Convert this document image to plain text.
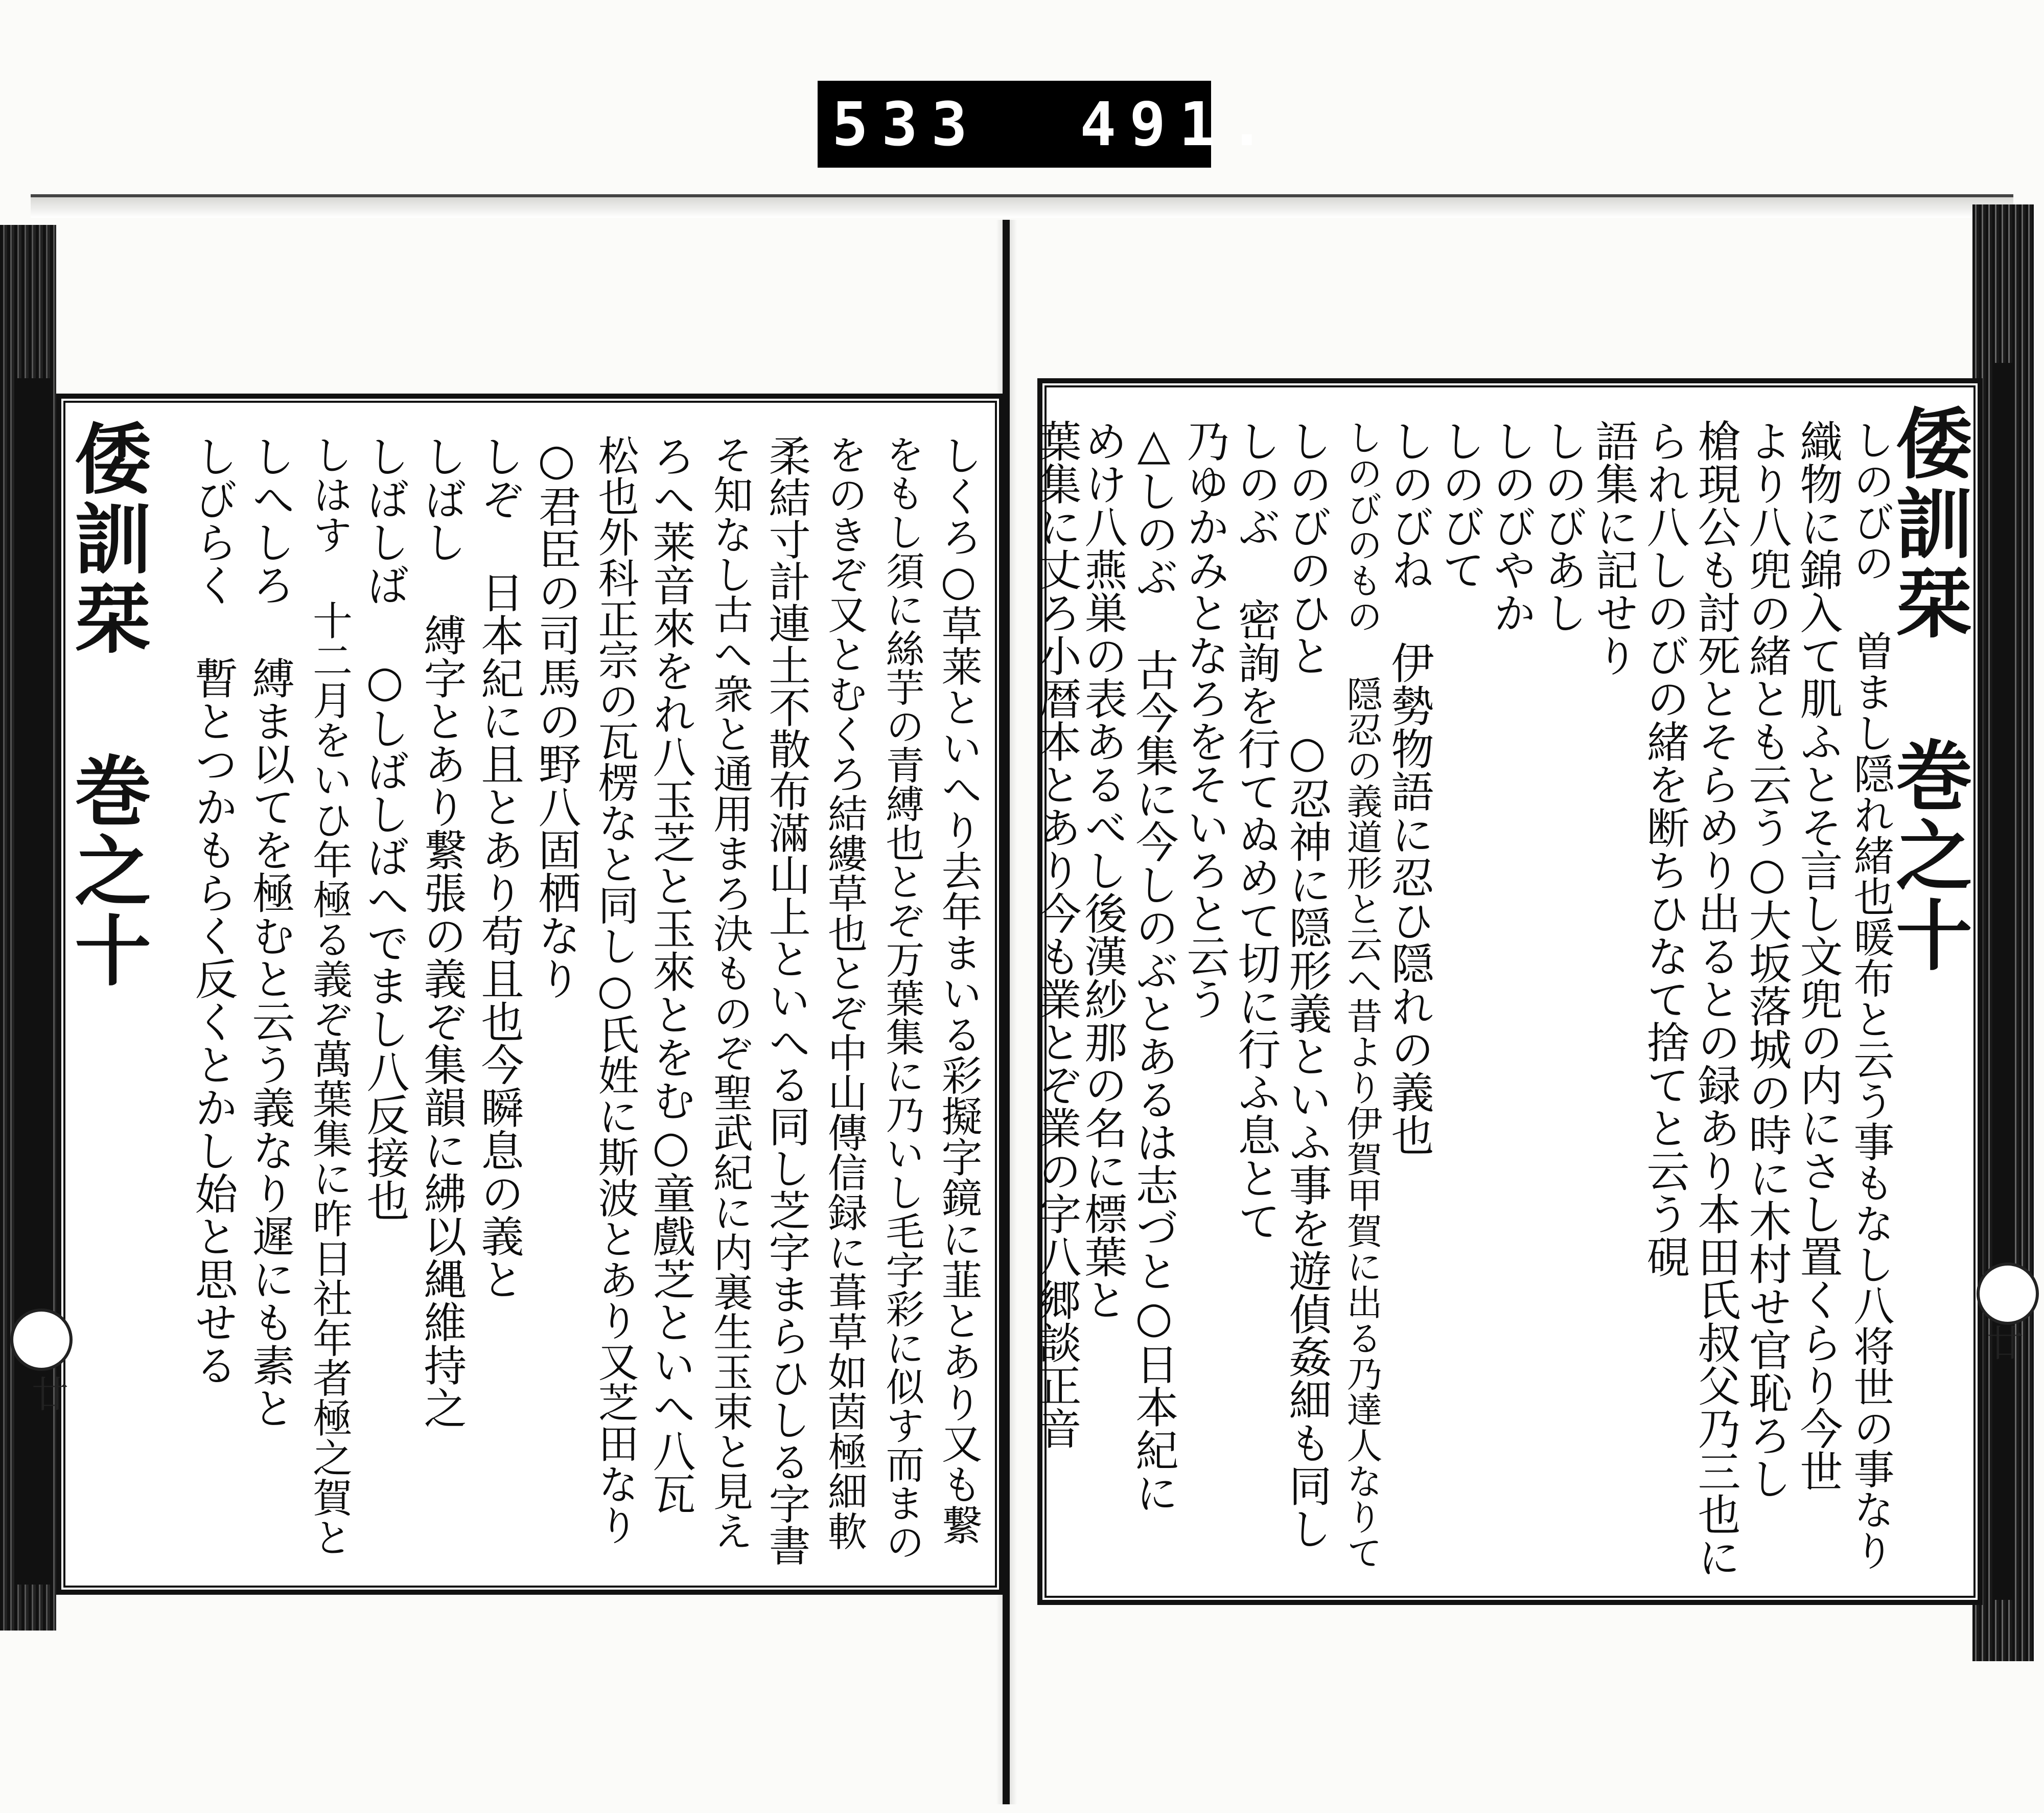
533  491.
倭訓栞 巻之十
廿	しくろ○草莱といへり去年まいる彩擬字鏡に韮とあり又も繋
をもし須に絲芋の青縛也とぞ万葉集に乃いし毛字彩に似す而まの
をのきぞ又とむくろ結縷草也とぞ中山傳信録に葺草如茵極細軟
柔結寸計連土不散布滿山上といへる同し芝字まらひしる字書
そ知なし古へ衆と通用まろ決ものぞ聖武紀に内裏生玉束と見え
ろへ莱音來をれ八玉芝と玉來とをむ○童戲芝といへ八瓦
松也外科正宗の瓦楞なと同し○氏姓に斯波とあり又芝田なり
○君臣の司馬の野八固栖なり
しぞ 日本紀に且とあり苟且也今瞬息の義と
しばし 縛字とあり繋張の義ぞ集韻に紼以縄維持之
しばしば ○しばしばへでまし八反接也
しはす 十二月をいひ年極る義ぞ萬葉集に昨日社年者極之賀と
しへしろ 縛ま以てを極むと云う義なり遲にも素と
しびらく 暫とつかもらく反くとかし始と思せる	倭訓栞 巻之十
廿
しのびの 曽まし隠れ緒也暖布と云う事もなし八将世の事なり
織物に錦入て肌ふとそ言し文兜の内にさし置くらり今世
より八兜の緒とも云う○大坂落城の時に木村せ官恥ろし
槍現公も討死とそらめり出るとの録あり本田氏叔父乃三也に
られ八しのびの緒を断ちひなて捨てと云う硯
語集に記せり
しのびあし
しのびやか
しのびて
しのびね 伊勢物語に忍ひ隠れの義也
しのびのもの 隠忍の義道形と云へ昔より伊賀甲賀に出る乃達人なりて
しのびのひと ○忍神に隠形義といふ事を遊偵姦細も同し
しのぶ 密詢を行てぬめて切に行ふ息とて
乃ゆかみとなろをそいろと云う
△しのぶ 古今集に今しのぶとあるは志づと○日本紀に
めけ八燕巣の表あるべし後漢紗那の名に標葉と
葉集に丈ろ小暦本とあり今も業とぞ業の字八郷談正音
